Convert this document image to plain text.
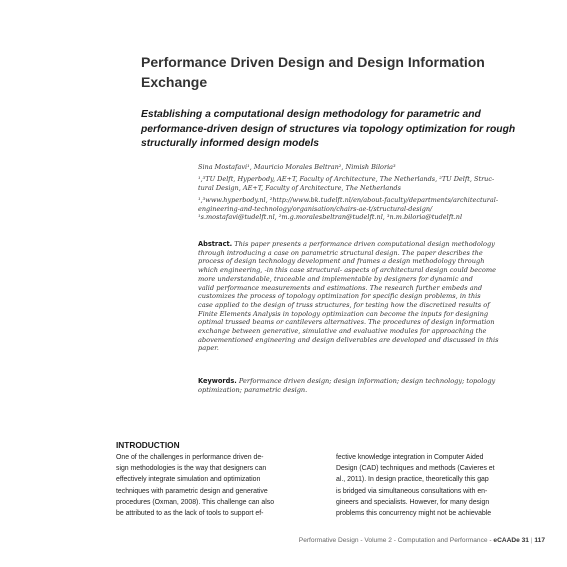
Performance Driven Design and Design Information Exchange
Establishing a computational design methodology for parametric and performance-driven design of structures via topology optimization for rough structurally informed design models
Sina Mostafavi¹, Mauricio Morales Beltran², Nimish Biloria³
¹,³TU Delft, Hyperbody, AE+T, Faculty of Architecture, The Netherlands, ²TU Delft, Struc-
tural Design, AE+T, Faculty of Architecture, The Netherlands
¹,³www.hyperbody.nl, ²http://www.bk.tudelft.nl/en/about-faculty/departments/architectural-
engineering-and-technology/organisation/chairs-ae-t/structural-design/
¹s.mostafavi@tudelft.nl, ²m.g.moralesbeltran@tudelft.nl, ³n.m.biloria@tudelft.nl
Abstract. This paper presents a performance driven computational design methodology
through introducing a case on parametric structural design. The paper describes the
process of design technology development and frames a design methodology through
which engineering, -in this case structural- aspects of architectural design could become
more understandable, traceable and implementable by designers for dynamic and
valid performance measurements and estimations. The research further embeds and
customizes the process of topology optimization for specific design problems, in this
case applied to the design of truss structures, for testing how the discretized results of
Finite Elements Analysis in topology optimization can become the inputs for designing
optimal trussed beams or cantilevers alternatives. The procedures of design information
exchange between generative, simulative and evaluative modules for approaching the
abovementioned engineering and design deliverables are developed and discussed in this
paper.
Keywords. Performance driven design; design information; design technology; topology
optimization; parametric design.
INTRODUCTION
One of the challenges in performance driven de-
sign methodologies is the way that designers can
effectively integrate simulation and optimization
techniques with parametric design and generative
procedures (Oxman, 2008). This challenge can also
be attributed to as the lack of tools to support ef-
fective knowledge integration in Computer Aided
Design (CAD) techniques and methods (Cavieres et
al., 2011). In design practice, theoretically this gap
is bridged via simultaneous consultations with en-
gineers and specialists. However, for many design
problems this concurrency might not be achievable
Performative Design - Volume 2 - Computation and Performance - eCAADe 31 | 117
